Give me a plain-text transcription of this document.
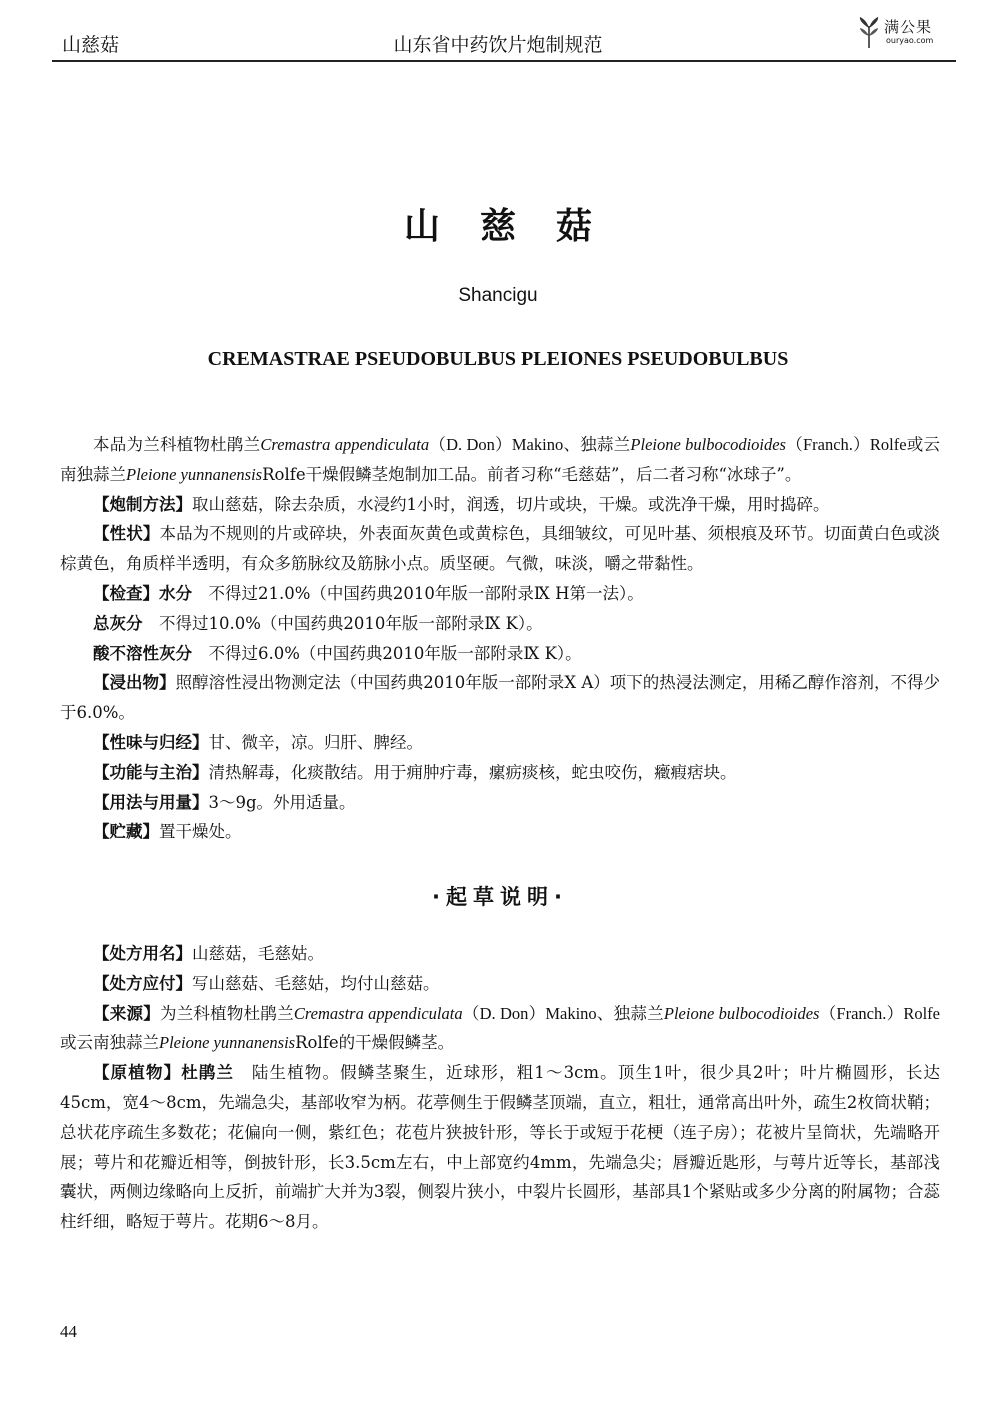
山慈菇	山东省中药饮片炮制规范
满公果
ouryao.com
山慈菇
Shancigu
CREMASTRAE PSEUDOBULBUS PLEIONES PSEUDOBULBUS

本品为兰科植物杜鹃兰Cremastra appendiculata（D. Don）Makino、独蒜兰Pleione bulbocodioides（Franch.）Rolfe或云南独蒜兰Pleione yunnanensisRolfe干燥假鳞茎炮制加工品。前者习称“毛慈菇”，后二者习称“冰球子”。

【炮制方法】取山慈菇，除去杂质，水浸约1小时，润透，切片或块，干燥。或洗净干燥，用时捣碎。

【性状】本品为不规则的片或碎块，外表面灰黄色或黄棕色，具细皱纹，可见叶基、须根痕及环节。切面黄白色或淡棕黄色，角质样半透明，有众多筋脉纹及筋脉小点。质坚硬。气微，味淡，嚼之带黏性。

【检查】水分　 不得过21.0%（中国药典2010年版一部附录Ⅸ H第一法）。

总灰分　 不得过10.0%（中国药典2010年版一部附录Ⅸ K）。

酸不溶性灰分　 不得过6.0%（中国药典2010年版一部附录Ⅸ K）。

【浸出物】照醇溶性浸出物测定法（中国药典2010年版一部附录Ⅹ A）项下的热浸法测定，用稀乙醇作溶剂，不得少于6.0%。

【性味与归经】甘、微辛，凉。归肝、脾经。

【功能与主治】清热解毒，化痰散结。用于痈肿疔毒，瘰疬痰核，蛇虫咬伤，癥瘕痞块。

【用法与用量】3～9g。外用适量。

【贮藏】置干燥处。

·起草说明·

【处方用名】山慈菇，毛慈姑。

【处方应付】写山慈菇、毛慈姑，均付山慈菇。

【来源】为兰科植物杜鹃兰Cremastra appendiculata（D. Don）Makino、独蒜兰Pleione bulbocodioides（Franch.）Rolfe或云南独蒜兰Pleione yunnanensisRolfe的干燥假鳞茎。

【原植物】杜鹃兰　 陆生植物。假鳞茎聚生，近球形，粗1～3cm。顶生1叶，很少具2叶；叶片椭圆形，长达45cm，宽4～8cm，先端急尖，基部收窄为柄。花葶侧生于假鳞茎顶端，直立，粗壮，通常高出叶外，疏生2枚筒状鞘；总状花序疏生多数花；花偏向一侧，紫红色；花苞片狭披针形，等长于或短于花梗（连子房）；花被片呈筒状，先端略开展；萼片和花瓣近相等，倒披针形，长3.5cm左右，中上部宽约4mm，先端急尖；唇瓣近匙形，与萼片近等长，基部浅囊状，两侧边缘略向上反折，前端扩大并为3裂，侧裂片狭小，中裂片长圆形，基部具1个紧贴或多少分离的附属物；合蕊柱纤细，略短于萼片。花期6～8月。

44
